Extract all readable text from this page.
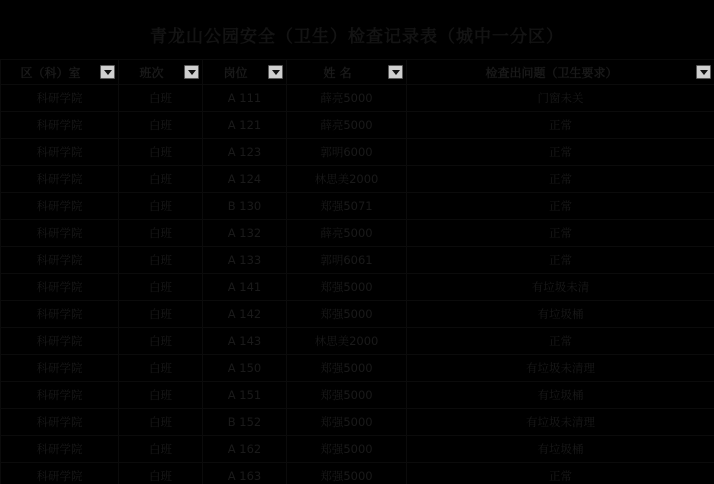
青龙山公园安全（卫生）检查记录表（城中一分区）
区（科）室	班次	岗位	姓 名	检查出问题（卫生要求）

科研学院	白班	A 111	薛亮5000	门窗未关
科研学院	白班	A 121	薛亮5000	正常
科研学院	白班	A 123	郭明6000	正常
科研学院	白班	A 124	林思美2000	正常
科研学院	白班	B 130	郑强5071	正常
科研学院	白班	A 132	薛亮5000	正常
科研学院	白班	A 133	郭明6061	正常
科研学院	白班	A 141	郑强5000	有垃圾未清
科研学院	白班	A 142	郑强5000	有垃圾桶
科研学院	白班	A 143	林思美2000	正常
科研学院	白班	A 150	郑强5000	有垃圾未清理
科研学院	白班	A 151	郑强5000	有垃圾桶
科研学院	白班	B 152	郑强5000	有垃圾未清理
科研学院	白班	A 162	郑强5000	有垃圾桶
科研学院	白班	A 163	郑强5000	正常
